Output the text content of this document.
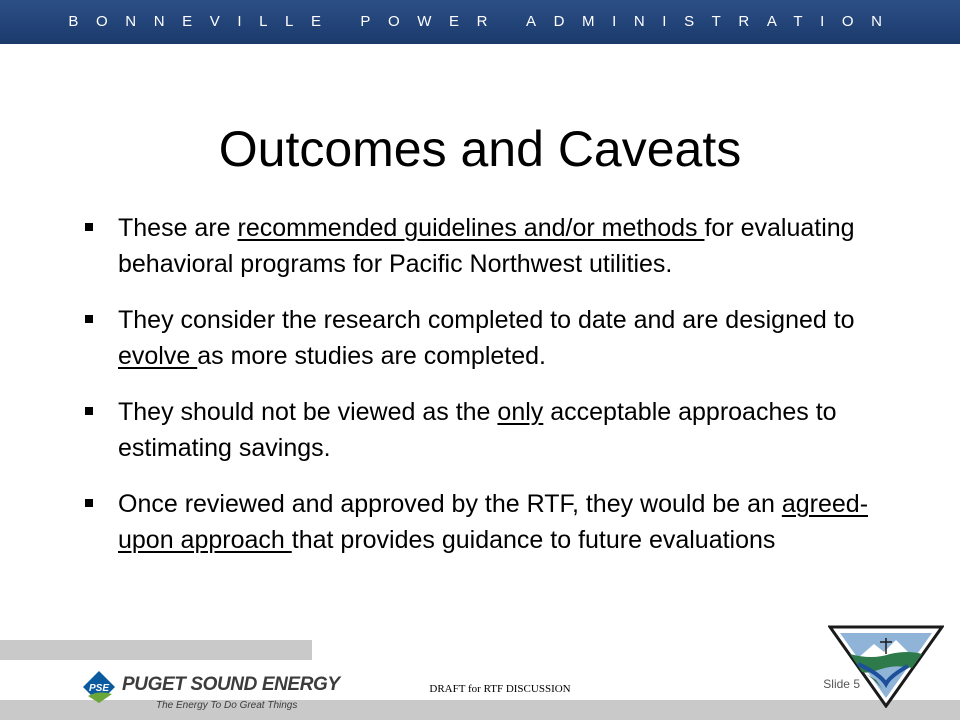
BONNEVILLE POWER ADMINISTRATION
Outcomes and Caveats
These are recommended guidelines and/or methods for evaluating behavioral programs for Pacific Northwest utilities.
They consider the research completed to date and are designed to evolve as more studies are completed.
They should not be viewed as the only acceptable approaches to estimating savings.
Once reviewed and approved by the RTF, they would be an agreed-upon approach that provides guidance to future evaluations
PSE PUGET SOUND ENERGY
The Energy To Do Great Things
DRAFT for RTF DISCUSSION	Slide 5
